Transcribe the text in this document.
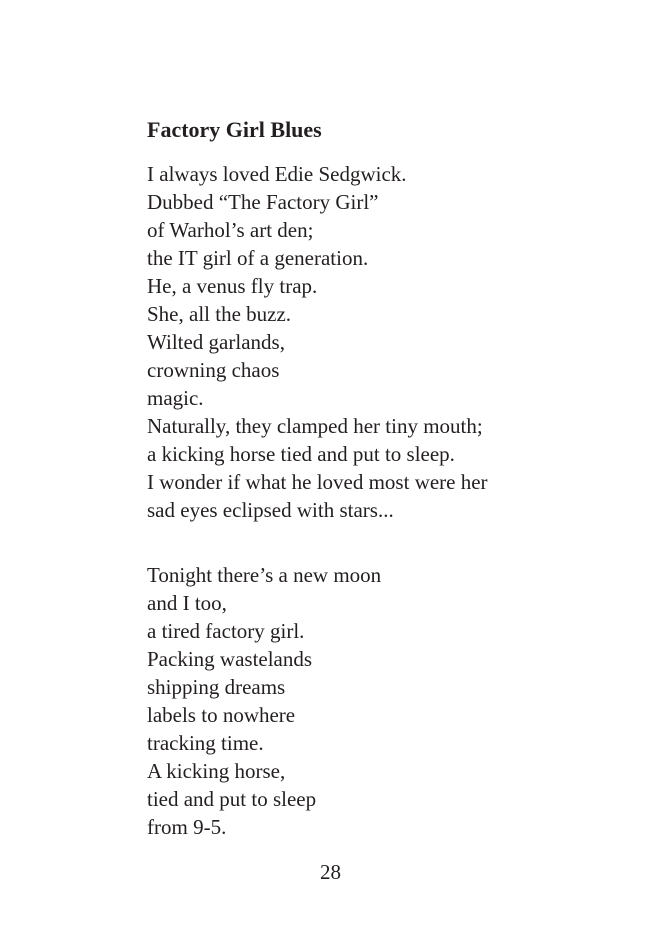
Factory Girl Blues
I always loved Edie Sedgwick.
Dubbed “The Factory Girl”
of Warhol’s art den;
the IT girl of a generation.
He, a venus fly trap.
She, all the buzz.
Wilted garlands,
crowning chaos
magic.
Naturally, they clamped her tiny mouth;
a kicking horse tied and put to sleep.
I wonder if what he loved most were her
sad eyes eclipsed with stars...
Tonight there’s a new moon
and I too,
a tired factory girl.
Packing wastelands
shipping dreams
labels to nowhere
tracking time.
A kicking horse,
tied and put to sleep
from 9-5.
28
